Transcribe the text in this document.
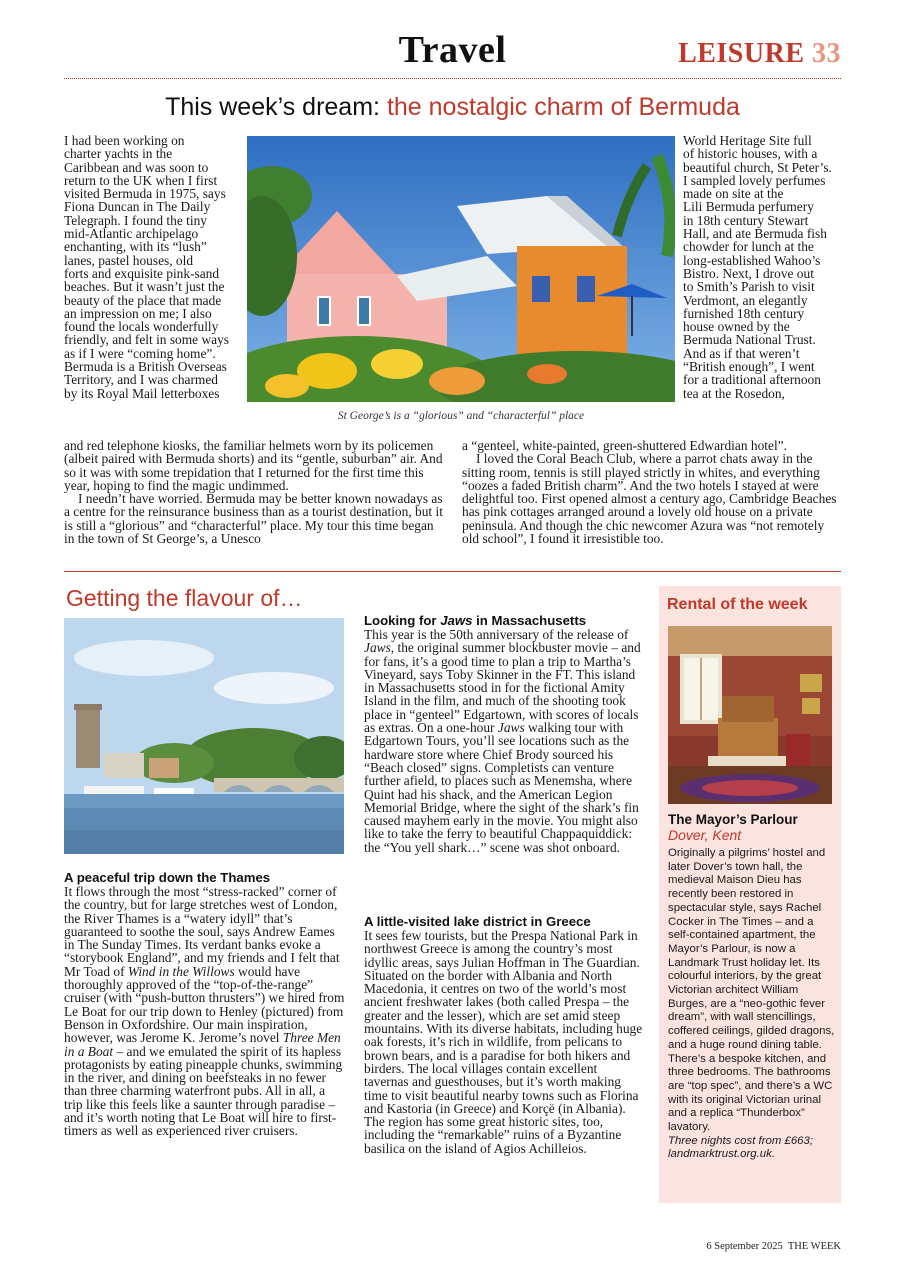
Travel	LEISURE 33
This week’s dream: the nostalgic charm of Bermuda
I had been working on
charter yachts in the
Caribbean and was soon to
return to the UK when I first
visited Bermuda in 1975, says
Fiona Duncan in The Daily
Telegraph. I found the tiny
mid-Atlantic archipelago
enchanting, with its “lush”
lanes, pastel houses, old
forts and exquisite pink-sand
beaches. But it wasn’t just the
beauty of the place that made
an impression on me; I also
found the locals wonderfully
friendly, and felt in some ways
as if I were “coming home”.
Bermuda is a British Overseas
Territory, and I was charmed
by its Royal Mail letterboxes
St George’s is a “glorious” and “characterful” place
World Heritage Site full
of historic houses, with a
beautiful church, St Peter’s.
I sampled lovely perfumes
made on site at the
Lili Bermuda perfumery
in 18th century Stewart
Hall, and ate Bermuda fish
chowder for lunch at the
long-established Wahoo’s
Bistro. Next, I drove out
to Smith’s Parish to visit
Verdmont, an elegantly
furnished 18th century
house owned by the
Bermuda National Trust.
And as if that weren’t
“British enough”, I went
for a traditional afternoon
tea at the Rosedon,

and red telephone kiosks, the familiar helmets worn by its policemen (albeit paired with Bermuda shorts) and its “gentle, suburban” air. And so it was with some trepidation that I returned for the first time this year, hoping to find the magic undimmed.

I needn’t have worried. Bermuda may be better known nowadays as a centre for the reinsurance business than as a tourist destination, but it is still a “glorious” and “characterful” place. My tour this time began in the town of St George’s, a Unesco

a “genteel, white-painted, green-shuttered Edwardian hotel”.

I loved the Coral Beach Club, where a parrot chats away in the sitting room, tennis is still played strictly in whites, and everything “oozes a faded British charm”. And the two hotels I stayed at were delightful too. First opened almost a century ago, Cambridge Beaches has pink cottages arranged around a lovely old house on a private peninsula. And though the chic newcomer Azura was “not remotely old school”, I found it irresistible too.

Getting the flavour of…
A peaceful trip down the Thames
It flows through the most “stress-racked” corner of the country, but for large stretches west of London, the River Thames is a “watery idyll” that’s guaranteed to soothe the soul, says Andrew Eames in The Sunday Times. Its verdant banks evoke a “storybook England”, and my friends and I felt that Mr Toad of Wind in the Willows would have thoroughly approved of the “top-of-the-range” cruiser (with “push-button thrusters”) we hired from Le Boat for our trip down to Henley (pictured) from Benson in Oxfordshire. Our main inspiration, however, was Jerome K. Jerome’s novel Three Men in a Boat – and we emulated the spirit of its hapless protagonists by eating pineapple chunks, swimming in the river, and dining on beefsteaks in no fewer than three charming waterfront pubs. All in all, a trip like this feels like a saunter through paradise – and it’s worth noting that Le Boat will hire to first-timers as well as experienced river cruisers.
Looking for Jaws in Massachusetts
This year is the 50th anniversary of the release of Jaws, the original summer blockbuster movie – and for fans, it’s a good time to plan a trip to Martha’s Vineyard, says Toby Skinner in the FT. This island in Massachusetts stood in for the fictional Amity Island in the film, and much of the shooting took place in “genteel” Edgartown, with scores of locals as extras. On a one-hour Jaws walking tour with Edgartown Tours, you’ll see locations such as the hardware store where Chief Brody sourced his “Beach closed” signs. Completists can venture further afield, to places such as Menemsha, where Quint had his shack, and the American Legion Memorial Bridge, where the sight of the shark’s fin caused mayhem early in the movie. You might also like to take the ferry to beautiful Chappaquiddick: the “You yell shark…” scene was shot onboard.
A little-visited lake district in Greece
It sees few tourists, but the Prespa National Park in northwest Greece is among the country’s most idyllic areas, says Julian Hoffman in The Guardian. Situated on the border with Albania and North Macedonia, it centres on two of the world’s most ancient freshwater lakes (both called Prespa – the greater and the lesser), which are set amid steep mountains. With its diverse habitats, including huge oak forests, it’s rich in wildlife, from pelicans to brown bears, and is a paradise for both hikers and birders. The local villages contain excellent tavernas and guesthouses, but it’s worth making time to visit beautiful nearby towns such as Florina and Kastoria (in Greece) and Korçë (in Albania). The region has some great historic sites, too, including the “remarkable” ruins of a Byzantine basilica on the island of Agios Achilleios.
Rental of the week
The Mayor’s Parlour
Dover, Kent
Originally a pilgrims’ hostel and later Dover’s town hall, the medieval Maison Dieu has recently been restored in spectacular style, says Rachel Cocker in The Times – and a self-contained apartment, the Mayor’s Parlour, is now a Landmark Trust holiday let. Its colourful interiors, by the great Victorian architect William Burges, are a “neo-gothic fever dream”, with wall stencillings, coffered ceilings, gilded dragons, and a huge round dining table. There’s a bespoke kitchen, and three bedrooms. The bathrooms are “top spec”, and there’s a WC with its original Victorian urinal and a replica “Thunderbox” lavatory.
Three nights cost from £663; landmarktrust.org.uk.
6 September 2025 THE WEEK
